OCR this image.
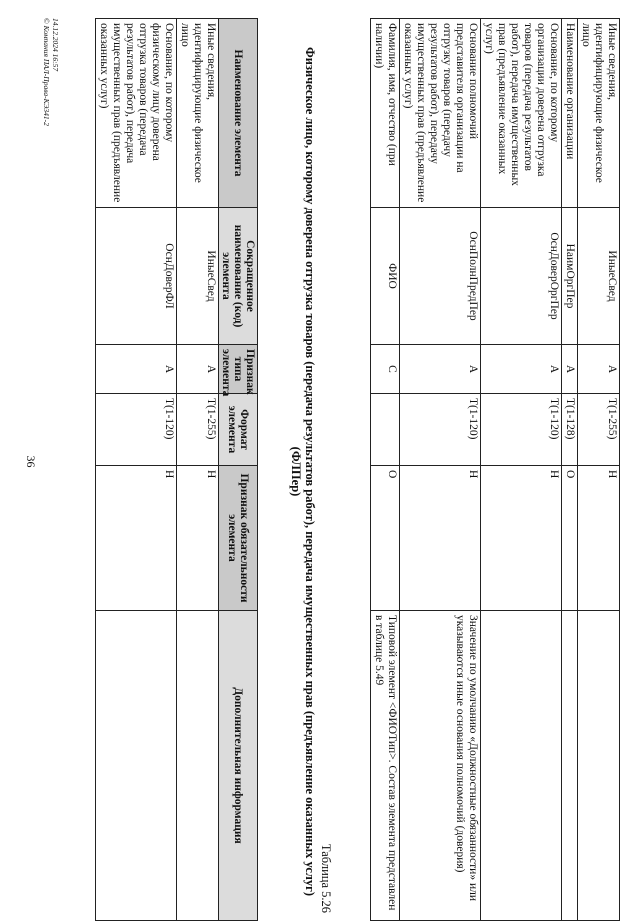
36
Иные сведения, идентифицирующие физическое лицо	ИныеСвед	А	Т(1-255)	Н	
Наименование организации	НаимОргПер	А	Т(1-128)	О	
Основание, по которому организации доверена отгрузка товаров (передача результатов работ), передача имущественных прав (предъявление оказанных услуг)	ОснДоверОргПер	А	Т(1-120)	Н	
Основание полномочий представителя организации на отгрузку товаров (передачу результатов работ), передачу имущественных прав (предъявление оказанных услуг)	ОснПолнПредПер	А	Т(1-120)	Н	Значение по умолчанию «Должностные обязанности» или указываются иные основания полномочий (доверия)
Фамилия, имя, отчество (при наличии)	ФИО	С		О	Типовой элемент <ФИОТип>. Состав элемента представлен в таблице 5.49
Таблица 5.26
Физическое лицо, которому доверена отгрузка товаров (передача результатов работ), передача имущественных прав (предъявление оказанных услуг) (ФЛПер)
Наименование элемента	Сокращенное наименование (код) элемента	Признак типа элемента	Формат элемента	Признак обязательности элемента	Дополнительная информация
Иные сведения, идентифицирующие физическое лицо	ИныеСвед	А	Т(1-255)	Н	
Основание, по которому физическому лицу доверена отгрузка товаров (передача результатов работ), передача имущественных прав (предъявление оказанных услуг)	ОснДоверФЛ	А	Т(1-120)	Н	
14.12.2024 16:57
© Компания ПАЛ-Права-КЭ341-2
